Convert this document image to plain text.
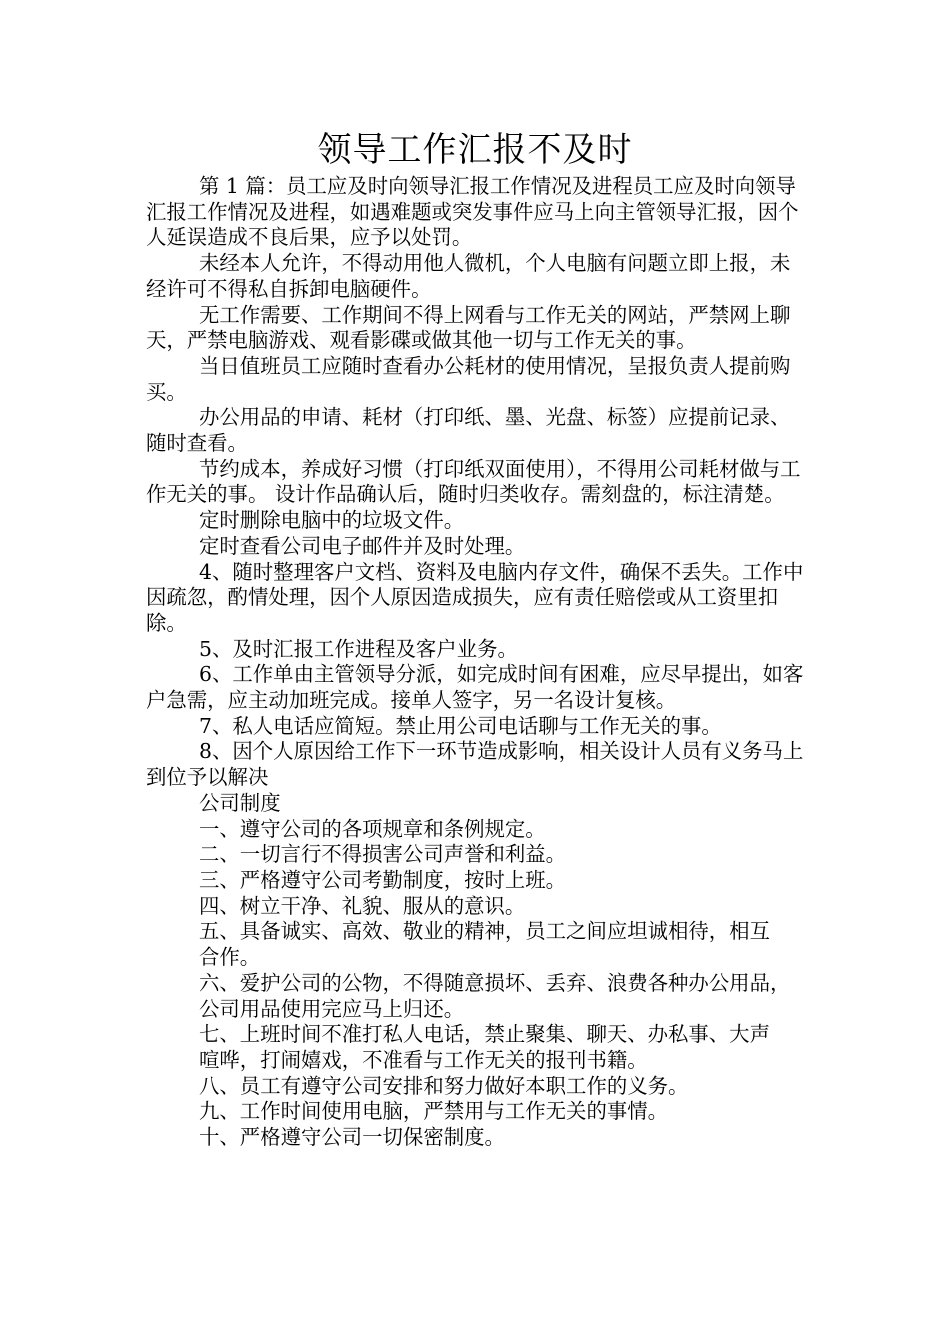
领导工作汇报不及时

第 1 篇：员工应及时向领导汇报工作情况及进程员工应及时向领导汇报工作情况及进程，如遇难题或突发事件应马上向主管领导汇报，因个人延误造成不良后果，应予以处罚。

未经本人允许，不得动用他人微机，个人电脑有问题立即上报，未经许可不得私自拆卸电脑硬件。

无工作需要、工作期间不得上网看与工作无关的网站，严禁网上聊天，严禁电脑游戏、观看影碟或做其他一切与工作无关的事。

当日值班员工应随时查看办公耗材的使用情况，呈报负责人提前购买。

办公用品的申请、耗材（打印纸、墨、光盘、标签）应提前记录、随时查看。

节约成本，养成好习惯（打印纸双面使用），不得用公司耗材做与工作无关的事。 设计作品确认后，随时归类收存。需刻盘的，标注清楚。

定时删除电脑中的垃圾文件。

定时查看公司电子邮件并及时处理。

4、随时整理客户文档、资料及电脑内存文件，确保不丢失。工作中因疏忽，酌情处理，因个人原因造成损失，应有责任赔偿或从工资里扣除。

5、及时汇报工作进程及客户业务。

6、工作单由主管领导分派，如完成时间有困难，应尽早提出，如客户急需，应主动加班完成。接单人签字，另一名设计复核。

7、私人电话应简短。禁止用公司电话聊与工作无关的事。

8、因个人原因给工作下一环节造成影响，相关设计人员有义务马上到位予以解决

公司制度

一、遵守公司的各项规章和条例规定。

二、一切言行不得损害公司声誉和利益。

三、严格遵守公司考勤制度，按时上班。

四、树立干净、礼貌、服从的意识。

五、具备诚实、高效、敬业的精神，员工之间应坦诚相待，相互

合作。

六、爱护公司的公物，不得随意损坏、丢弃、浪费各种办公用品，

公司用品使用完应马上归还。

七、上班时间不准打私人电话，禁止聚集、聊天、办私事、大声

喧哗，打闹嬉戏，不准看与工作无关的报刊书籍。

八、员工有遵守公司安排和努力做好本职工作的义务。

九、工作时间使用电脑，严禁用与工作无关的事情。

十、严格遵守公司一切保密制度。
